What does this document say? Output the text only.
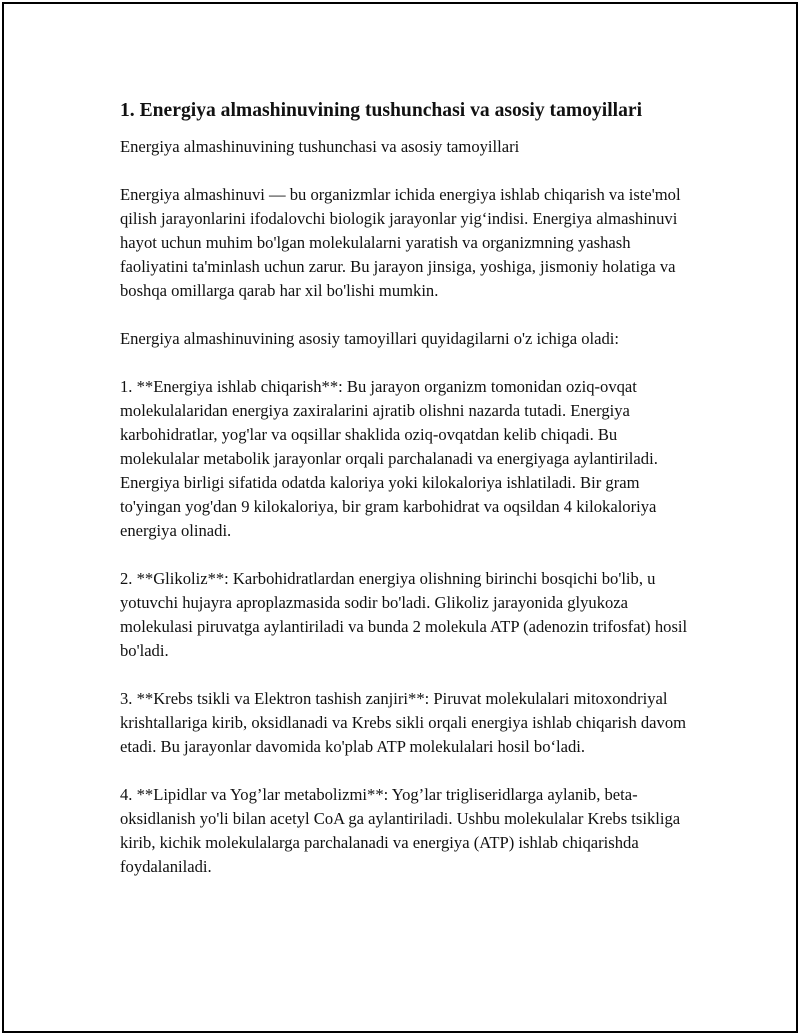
1. Energiya almashinuvining tushunchasi va asosiy tamoyillari

Energiya almashinuvining tushunchasi va asosiy tamoyillari

Energiya almashinuvi — bu organizmlar ichida energiya ishlab chiqarish va iste'mol qilish jarayonlarini ifodalovchi biologik jarayonlar yig‘indisi. Energiya almashinuvi hayot uchun muhim bo'lgan molekulalarni yaratish va organizmning yashash faoliyatini ta'minlash uchun zarur. Bu jarayon jinsiga, yoshiga, jismoniy holatiga va boshqa omillarga qarab har xil bo'lishi mumkin.

Energiya almashinuvining asosiy tamoyillari quyidagilarni o'z ichiga oladi:

1. **Energiya ishlab chiqarish**: Bu jarayon organizm tomonidan oziq-ovqat molekulalaridan energiya zaxiralarini ajratib olishni nazarda tutadi. Energiya karbohidratlar, yog'lar va oqsillar shaklida oziq-ovqatdan kelib chiqadi. Bu molekulalar metabolik jarayonlar orqali parchalanadi va energiyaga aylantiriladi. Energiya birligi sifatida odatda kaloriya yoki kilokaloriya ishlatiladi. Bir gram to'yingan yog'dan 9 kilokaloriya, bir gram karbohidrat va oqsildan 4 kilokaloriya energiya olinadi.

2. **Glikoliz**: Karbohidratlardan energiya olishning birinchi bosqichi bo'lib, u yotuvchi hujayra aproplazmasida sodir bo'ladi. Glikoliz jarayonida glyukoza molekulasi piruvatga aylantiriladi va bunda 2 molekula ATP (adenozin trifosfat) hosil bo'ladi.

3. **Krebs tsikli va Elektron tashish zanjiri**: Piruvat molekulalari mitoxondriyal krishtallariga kirib, oksidlanadi va Krebs sikli orqali energiya ishlab chiqarish davom etadi. Bu jarayonlar davomida ko'plab ATP molekulalari hosil bo‘ladi.

4. **Lipidlar va Yog’lar metabolizmi**: Yog’lar trigliseridlarga aylanib, beta-oksidlanish yo'li bilan acetyl CoA ga aylantiriladi. Ushbu molekulalar Krebs tsikliga kirib, kichik molekulalarga parchalanadi va energiya (ATP) ishlab chiqarishda foydalaniladi.
